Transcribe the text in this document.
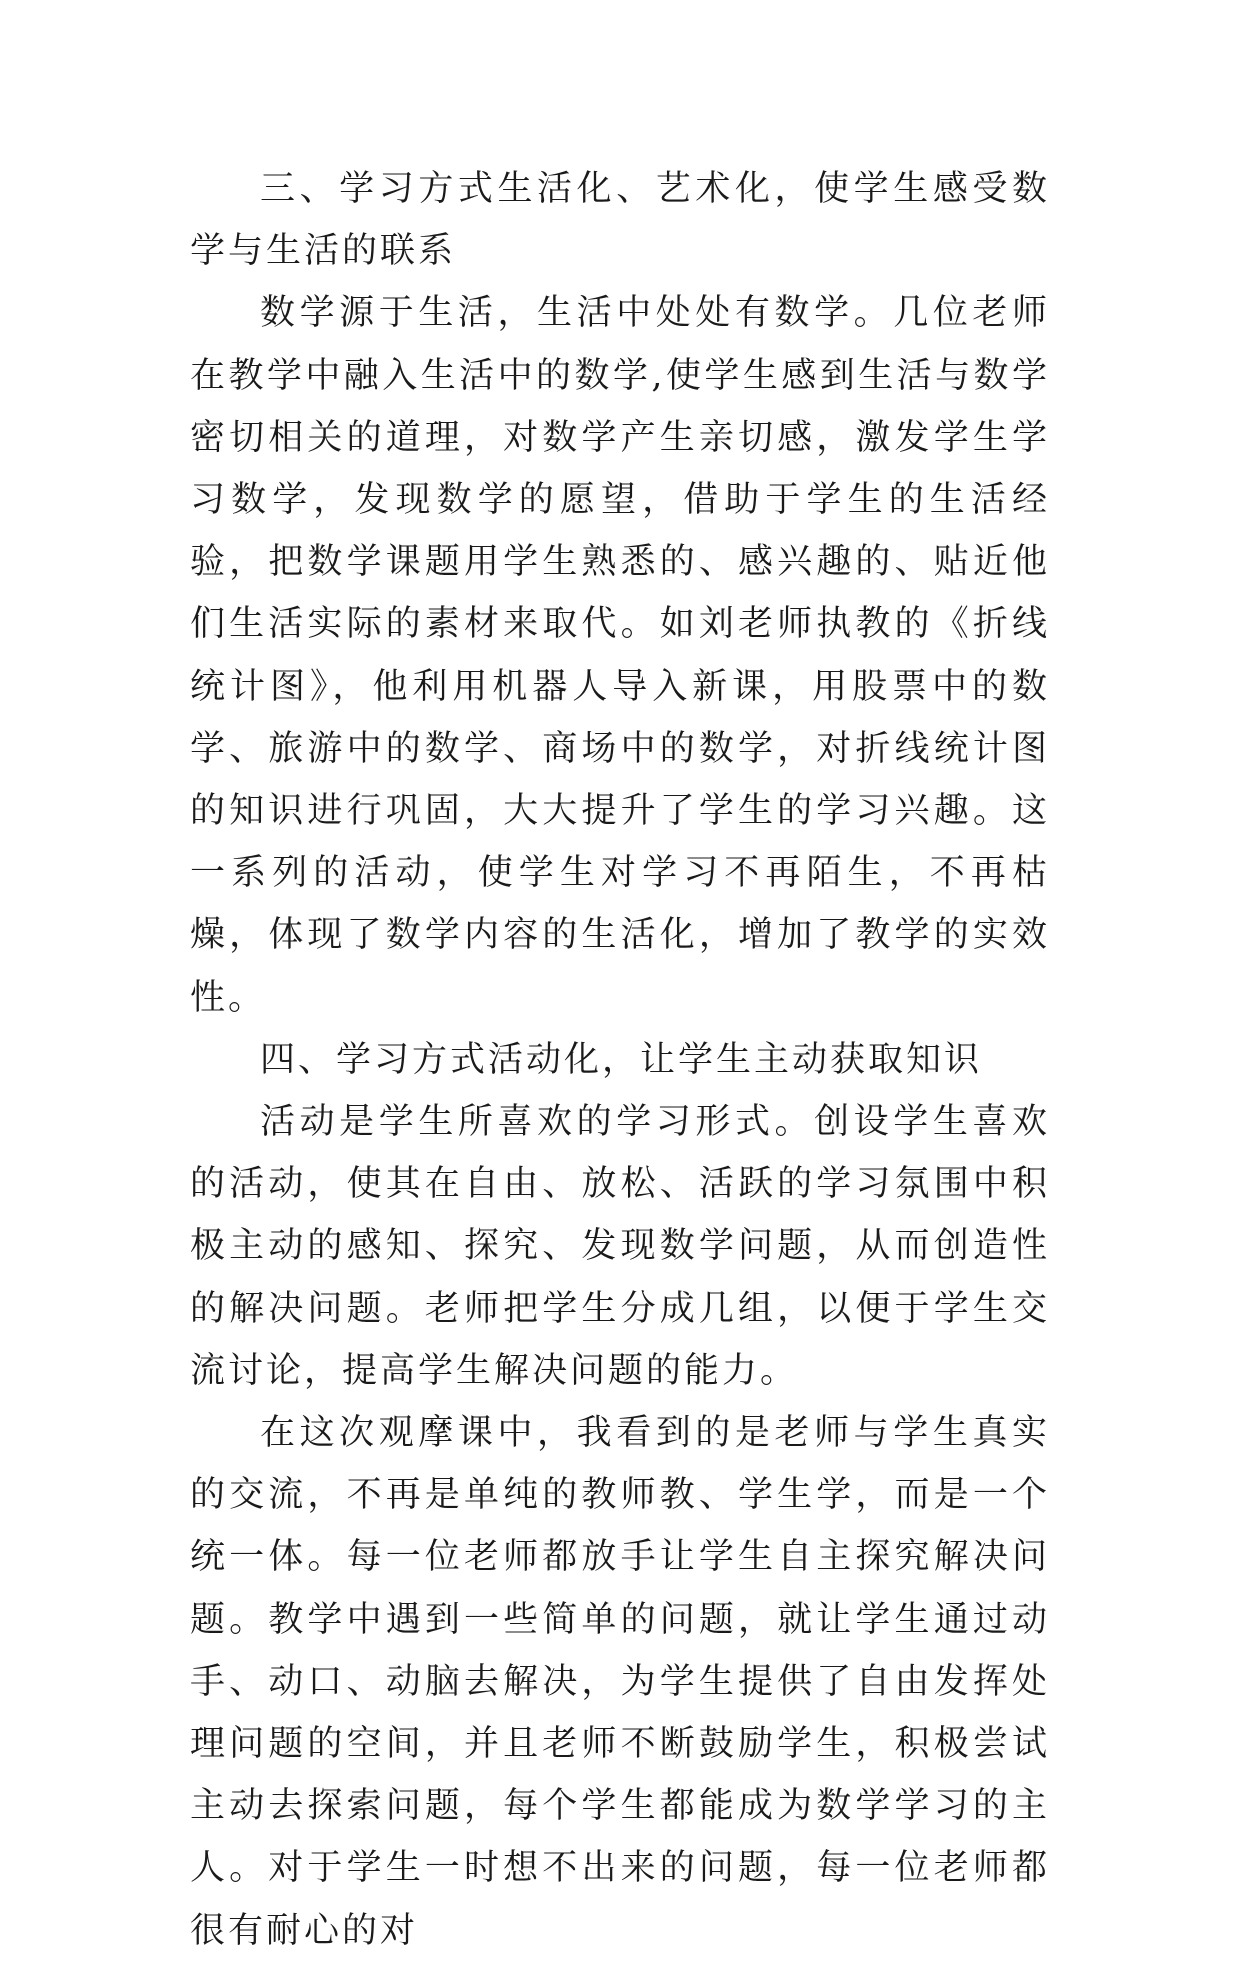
三、学习方式生活化、艺术化，使学生感受数学与生活的联系

数学源于生活，生活中处处有数学。几位老师在教学中融入生活中的数学,使学生感到生活与数学密切相关的道理，对数学产生亲切感，激发学生学习数学，发现数学的愿望，借助于学生的生活经验，把数学课题用学生熟悉的、感兴趣的、贴近他们生活实际的素材来取代。如刘老师执教的《折线统计图》，他利用机器人导入新课，用股票中的数学、旅游中的数学、商场中的数学，对折线统计图的知识进行巩固，大大提升了学生的学习兴趣。这一系列的活动，使学生对学习不再陌生，不再枯燥，体现了数学内容的生活化，增加了教学的实效性。

四、学习方式活动化，让学生主动获取知识

活动是学生所喜欢的学习形式。创设学生喜欢的活动，使其在自由、放松、活跃的学习氛围中积极主动的感知、探究、发现数学问题，从而创造性的解决问题。老师把学生分成几组，以便于学生交流讨论，提高学生解决问题的能力。

在这次观摩课中，我看到的是老师与学生真实的交流，不再是单纯的教师教、学生学，而是一个统一体。每一位老师都放手让学生自主探究解决问题。教学中遇到一些简单的问题，就让学生通过动手、动口、动脑去解决，为学生提供了自由发挥处理问题的空间，并且老师不断鼓励学生，积极尝试主动去探索问题，每个学生都能成为数学学习的主人。对于学生一时想不出来的问题，每一位老师都很有耐心的对
